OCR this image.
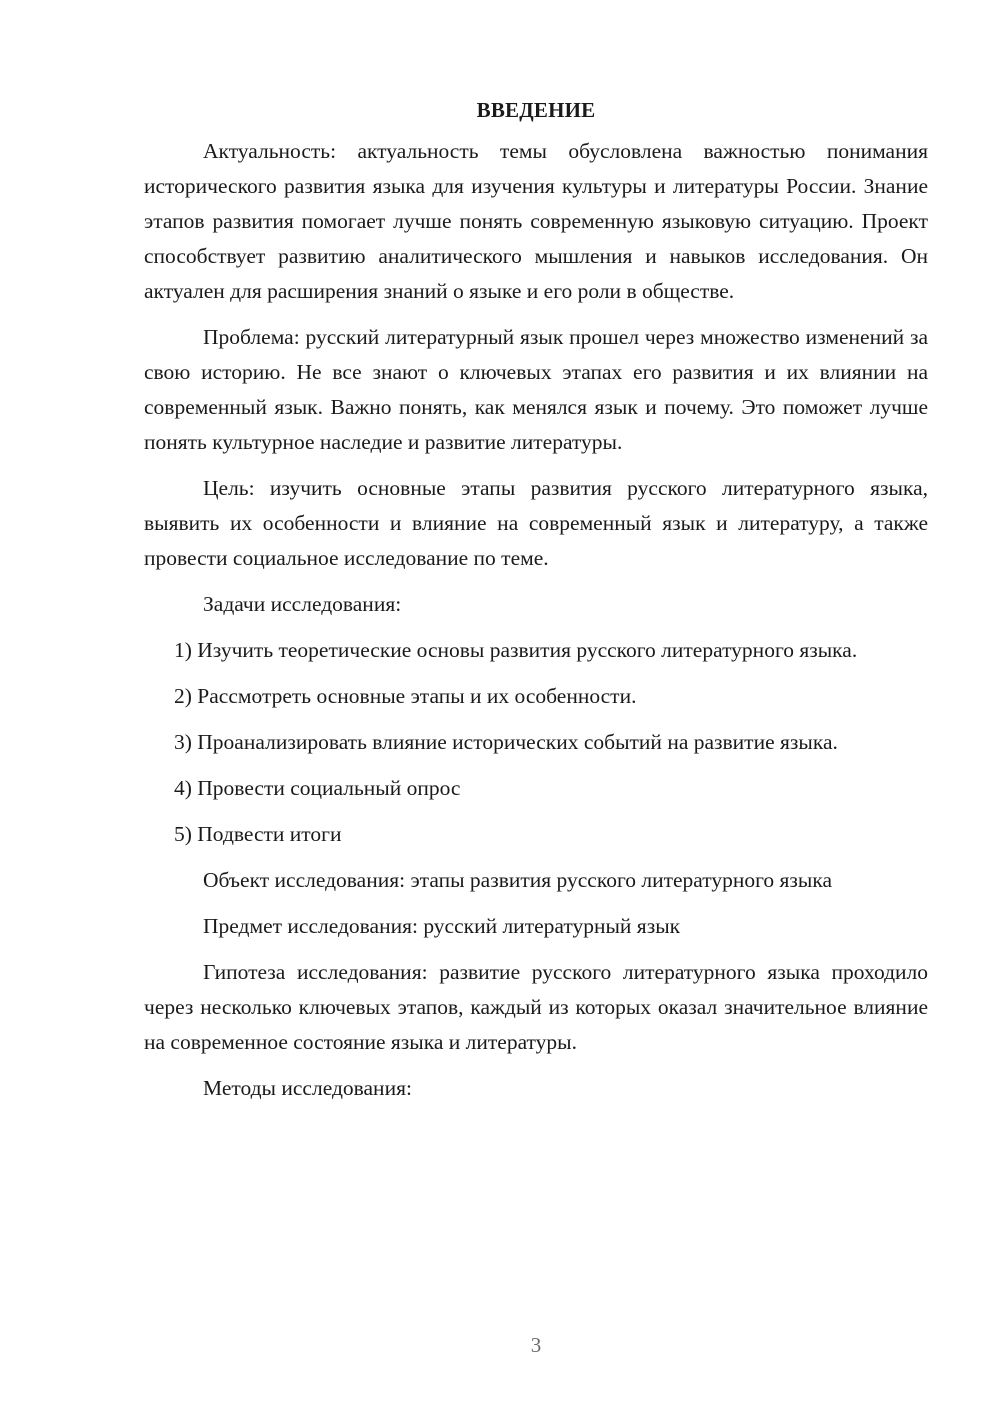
ВВЕДЕНИЕ

Актуальность: актуальность темы обусловлена важностью понимания исторического развития языка для изучения культуры и литературы России. Знание этапов развития помогает лучше понять современную языковую ситуацию. Проект способствует развитию аналитического мышления и навыков исследования. Он актуален для расширения знаний о языке и его роли в обществе.

Проблема: русский литературный язык прошел через множество изменений за свою историю. Не все знают о ключевых этапах его развития и их влиянии на современный язык. Важно понять, как менялся язык и почему. Это поможет лучше понять культурное наследие и развитие литературы.

Цель: изучить основные этапы развития русского литературного языка, выявить их особенности и влияние на современный язык и литературу, а также провести социальное исследование по теме.

Задачи исследования:

1) Изучить теоретические основы развития русского литературного языка.

2) Рассмотреть основные этапы и их особенности.

3) Проанализировать влияние исторических событий на развитие языка.

4) Провести социальный опрос

5) Подвести итоги

Объект исследования: этапы развития русского литературного языка

Предмет исследования: русский литературный язык

Гипотеза исследования: развитие русского литературного языка проходило через несколько ключевых этапов, каждый из которых оказал значительное влияние на современное состояние языка и литературы.

Методы исследования:

3
